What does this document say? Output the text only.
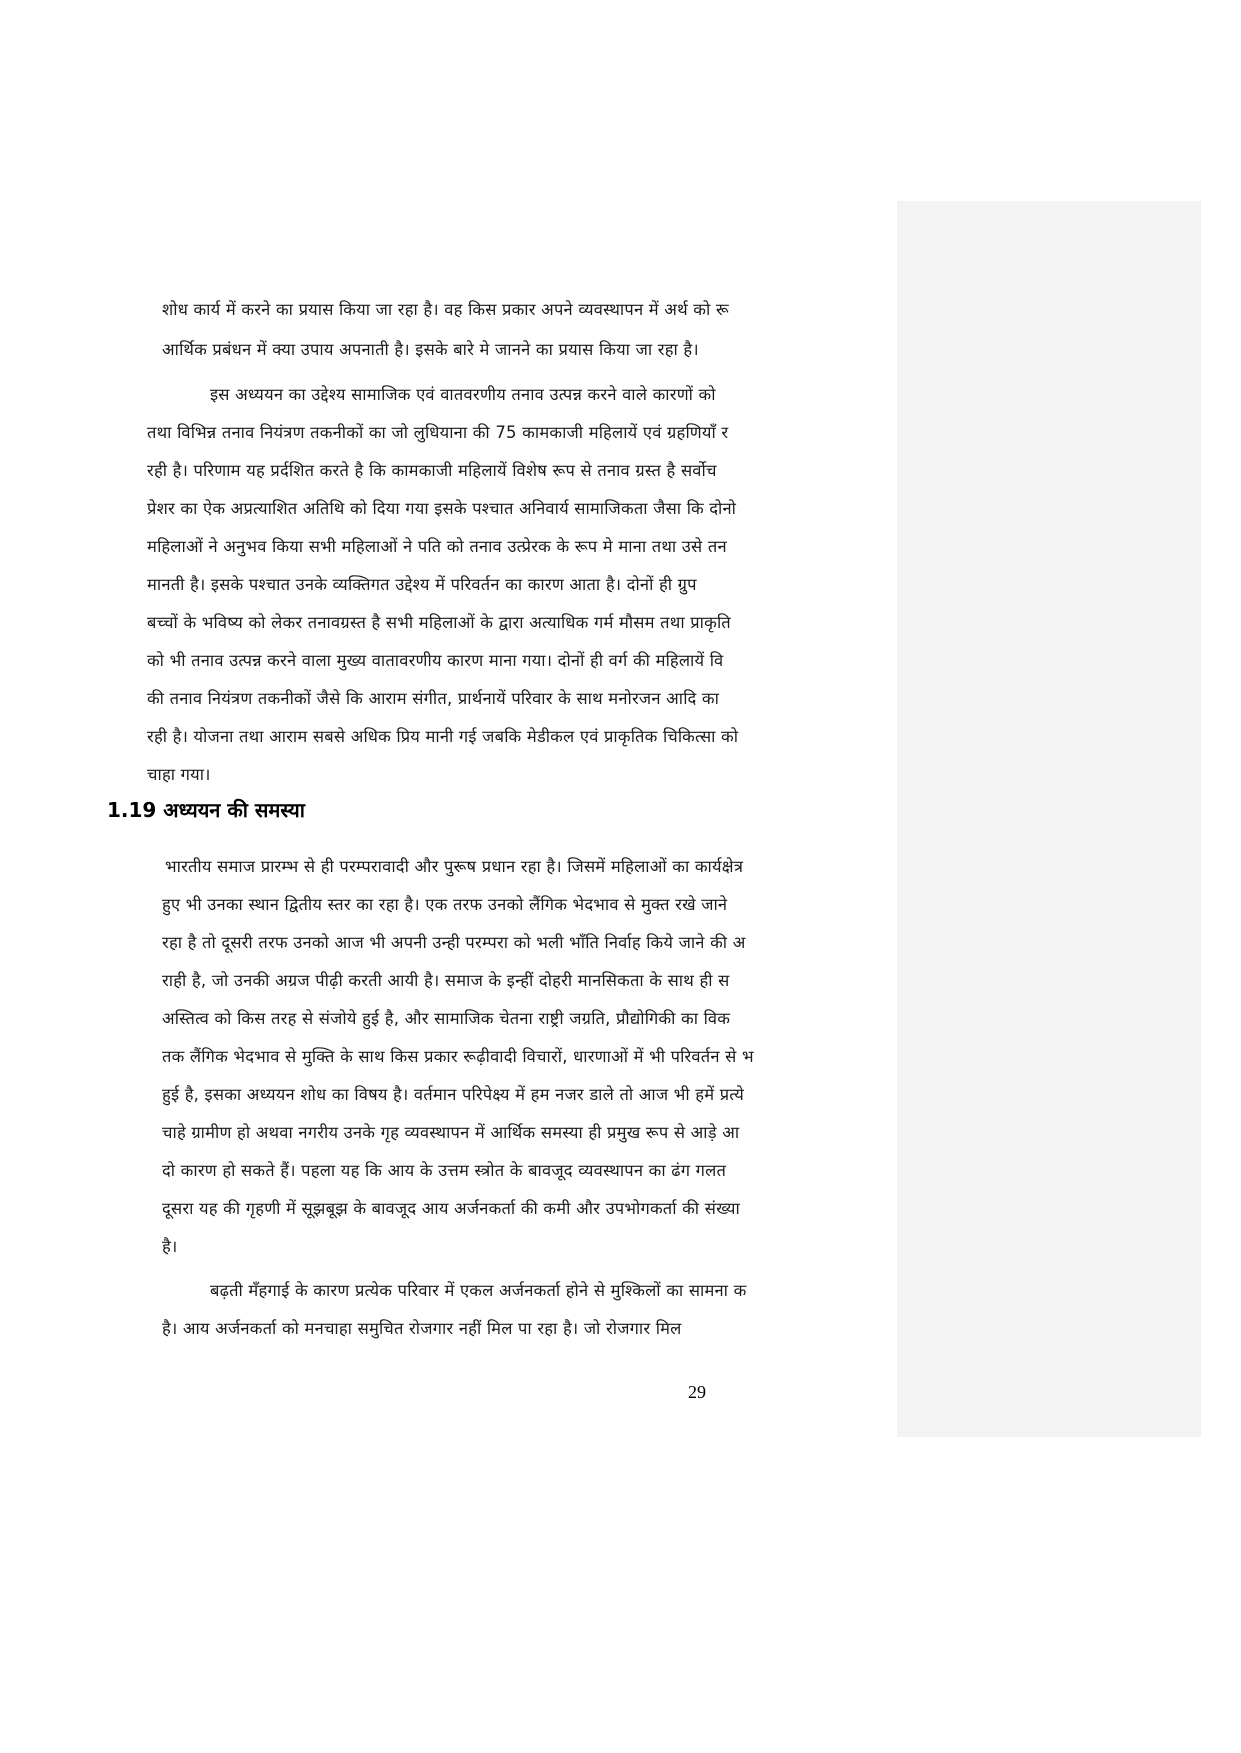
शोध कार्य में करने का प्रयास किया जा रहा है। वह किस प्रकार अपने व्यवस्थापन में अर्थ को रू
आर्थिक प्रबंधन में क्या उपाय अपनाती है। इसके बारे मे जानने का प्रयास किया जा रहा है।
इस अध्ययन का उद्देश्य सामाजिक एवं वातवरणीय तनाव उत्पन्न करने वाले कारणों को
तथा विभिन्न तनाव नियंत्रण तकनीकों का जो लुधियाना की 75 कामकाजी महिलायें एवं ग्रहणियॉं र
रही है। परिणाम यह प्रर्दशित करते है कि कामकाजी महिलायें विशेष रूप से तनाव ग्रस्त है सर्वोच
प्रेशर का ऐक अप्रत्याशित अतिथि को दिया गया इसके पश्चात अनिवार्य सामाजिकता जैसा कि दोनो
महिलाओं ने अनुभव किया सभी महिलाओं ने पति को तनाव उत्प्रेरक के रूप मे माना तथा उसे तन
मानती है। इसके पश्चात उनके व्यक्तिगत उद्देश्य में परिवर्तन का कारण आता है। दोनों ही ग्रुप
बच्चों के भविष्य को लेकर तनावग्रस्त है सभी महिलाओं के द्वारा अत्याधिक गर्म मौसम तथा प्राकृति
को भी तनाव उत्पन्न करने वाला मुख्य वातावरणीय कारण माना गया। दोनों ही वर्ग की महिलायें वि
की तनाव नियंत्रण तकनीकों जैसे कि आराम संगीत, प्रार्थनायें परिवार के साथ मनोरजन आदि का
रही है। योजना तथा आराम सबसे अधिक प्रिय मानी गई जबकि मेडीकल एवं प्राकृतिक चिकित्सा को
चाहा गया।
1.19 अध्ययन की समस्या
भारतीय समाज प्रारम्भ से ही परम्परावादी और पुरूष प्रधान रहा है। जिसमें महिलाओं का कार्यक्षेत्र
हुए भी उनका स्थान द्वितीय स्तर का रहा है। एक तरफ उनको लैंगिक भेदभाव से मुक्त रखे जाने
रहा है तो दूसरी तरफ उनको आज भी अपनी उन्ही परम्परा को भली भॉंति निर्वाह किये जाने की अ
राही है, जो उनकी अग्रज पीढ़ी करती आयी है। समाज के इन्हीं दोहरी मानसिकता के साथ ही स
अस्तित्व को किस तरह से संजोये हुई है, और सामाजिक चेतना राष्ट्री जग्रति, प्रौद्योगिकी का विक
तक लैंगिक भेदभाव से मुक्ति के साथ किस प्रकार रूढ़ीवादी विचारों, धारणाओं में भी परिवर्तन से भ
हुई है, इसका अध्ययन शोध का विषय है। वर्तमान परिपेक्ष्य में हम नजर डाले तो आज भी हमें प्रत्ये
चाहे ग्रामीण हो अथवा नगरीय उनके गृह व्यवस्थापन में आर्थिक समस्या ही प्रमुख रूप से आड़े आ
दो कारण हो सकते हैं। पहला यह कि आय के उत्तम स्त्रोत के बावजूद व्यवस्थापन का ढंग गलत
दूसरा यह की गृहणी में सूझबूझ के बावजूद आय अर्जनकर्ता की कमी और उपभोगकर्ता की संख्या
है।
बढ़ती मॅंहगाई के कारण प्रत्येक परिवार में एकल अर्जनकर्ता होने से मुश्किलों का सामना क
है। आय अर्जनकर्ता को मनचाहा समुचित रोजगार नहीं मिल पा रहा है। जो रोजगार मिल
29
